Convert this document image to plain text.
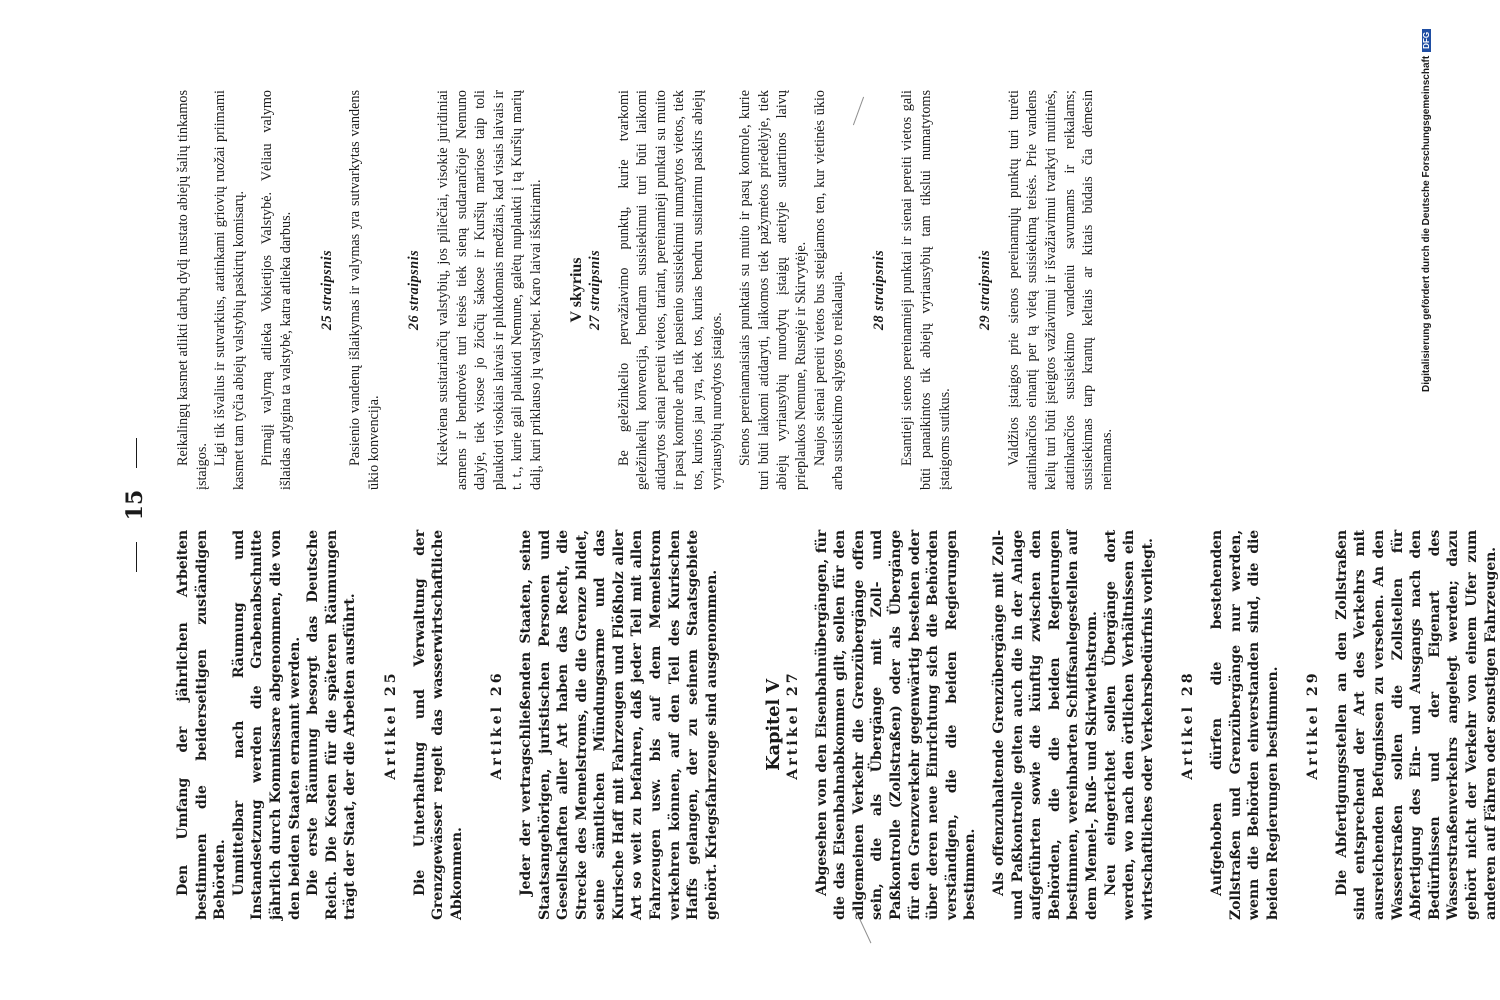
15

Den Umfang der jährlichen Arbeiten bestimmen die beiderseitigen zuständigen Behörden. Unmittelbar nach Räumung und Instandsetzung werden die Grabenabschnitte jährlich durch Kommissare abgenommen, die von den beiden Staaten ernannt werden. Die erste Räumung besorgt das Deutsche Reich. Die Kosten für die späteren Räumungen trägt der Staat, der die Arbeiten ausführt. Artikel 25 Die Unterhaltung und Verwaltung der Grenzgewässer regelt das wasserwirtschaftliche Abkommen.

Artikel 26 Jeder der vertragschließenden Staaten, seine Staatsangehörigen, juristischen Personen und Gesellschaften aller Art haben das Recht, die Strecke des Memelstroms, die die Grenze bildet, seine sämtlichen Mündungsarme und das Kurische Haff mit Fahrzeugen und Flößholz aller Art so weit zu befahren, daß jeder Teil mit allen Fahrzeugen usw. bis auf dem Memelstrom verkehren können, auf den Teil des Kurischen Haffs gelangen, der zu seinem Staatsgebiete gehört. Kriegsfahrzeuge sind ausgenommen. Kapitel V Artikel 27 Abgesehen von den Eisenbahnübergängen, für die das Eisenbahnabkommen gilt, sollen für den allgemeinen Verkehr die Grenzübergänge offen sein, die als Übergänge mit Zoll- und Paßkontrolle (Zollstraßen) oder als Übergänge für den Grenzverkehr gegenwärtig bestehen oder über deren neue Einrichtung sich die Behörden verständigen, die die beiden Regierungen bestimmen. Als offenzuhaltende Grenzübergänge mit Zoll- und Paßkontrolle gelten auch die in der Anlage aufgeführten sowie die künftig zwischen den Behörden, die die beiden Regierungen bestimmen, vereinbarten Schiffsanlegestellen auf dem Memel-, Ruß- und Skirwiethstrom. Neu eingerichtet sollen Übergänge dort werden, wo nach den örtlichen Verhältnissen ein wirtschaftliches oder Verkehrsbedürfnis vorliegt. Artikel 28 Aufgehoben dürfen die bestehenden Zollstraßen und Grenzübergänge nur werden, wenn die Behörden einverstanden sind, die die beiden Regierungen bestimmen. Artikel 29 Die Abfertigungsstellen an den Zollstraßen sind entsprechend der Art des Verkehrs mit ausreichenden Befugnissen zu versehen. An den Wasserstraßen sollen die Zollstellen für Abfertigung des Ein- und Ausgangs nach den Bedürfnissen und der Eigenart des Wasserstraßenverkehrs angelegt werden; dazu gehört nicht der Verkehr von einem Ufer zum anderen auf Fähren oder sonstigen Fahrzeugen.

Reikalingų kasmet atlikti darbų dydį nustato abiejų šalių tinkamos įstaigos.

Ligi tik išvalius ir sutvarkius, atatinkami griovių ruožai priimami kasmet tam tyčia abiejų valstybių paskirtų komisarų. Pirmąjį valymą atlieka Vokietijos Valstybė. Vėliau valymo išlaidas atlygina ta valstybė, katra atlieka darbus. 25 straipsnis Pasienio vandenų išlaikymas ir valymas yra sutvarkytas vandens ūkio konvencija.

26 straipsnis Kiekviena susitariančių valstybių, jos piliečiai, visokie juridiniai asmens ir bendrovės turi teisės tiek sieną sudarančioje Nemuno dalyje, tiek visose jo žiočių šakose ir Kuršių mariose taip toli plaukioti visokiais laivais ir plukdomais medžiais, kad visais laivais ir t. t., kurie gali plaukioti Nemune, galėtų nuplaukti į tą Kuršių marių dalį, kuri priklauso jų valstybei. Karo laivai išskiriami. V skyrius 27 straipsnis Be geležinkelio pervažiavimo punktų, kurie tvarkomi geležinkelių konvencija, bendram susisiekimui turi būti laikomi atidarytos sienai pereiti vietos, tariant, pereinamieji punktai su muito ir pasų kontrole arba tik pasienio susisiekimui numatytos vietos, tiek tos, kurios jau yra, tiek tos, kurias bendru susitarimu paskirs abiejų vyriausybių nurodytos įstaigos. Sienos pereinamaisiais punktais su muito ir pasų kontrole, kurie turi būti laikomi atidaryti, laikomos tiek pažymėtos priedėlyje, tiek abiejų vyriausybių nurodytų įstaigų ateityje sutartinos laivų prieplaukos Nemune, Rusnėje ir Skirvytėje. Naujos sienai pereiti vietos bus steigiamos ten, kur vietinės ūkio arba susisiekimo sąlygos to reikalauja. 28 straipsnis Esantieji sienos pereinamieji punktai ir sienai pereiti vietos gali būti panaikintos tik abiejų vyriausybių tam tikslui numatytoms įstaigoms sutikus.

29 straipsnis Valdžios įstaigos prie sienos pereinamųjų punktų turi turėti atatinkančios einantį per tą vietą susisiekimą teisės. Prie vandens kelių turi būti įsteigtos važiavimui ir išvažiavimui tvarkyti muitinės, atatinkančios susisiekimo vandeniu savumams ir reikalams; susisiekimas tarp krantų keltais ar kitais būdais čia dėmesin neimamas.

Digitalisierung gefördert durch die Deutsche ForschungsgemeinschaftDFG
